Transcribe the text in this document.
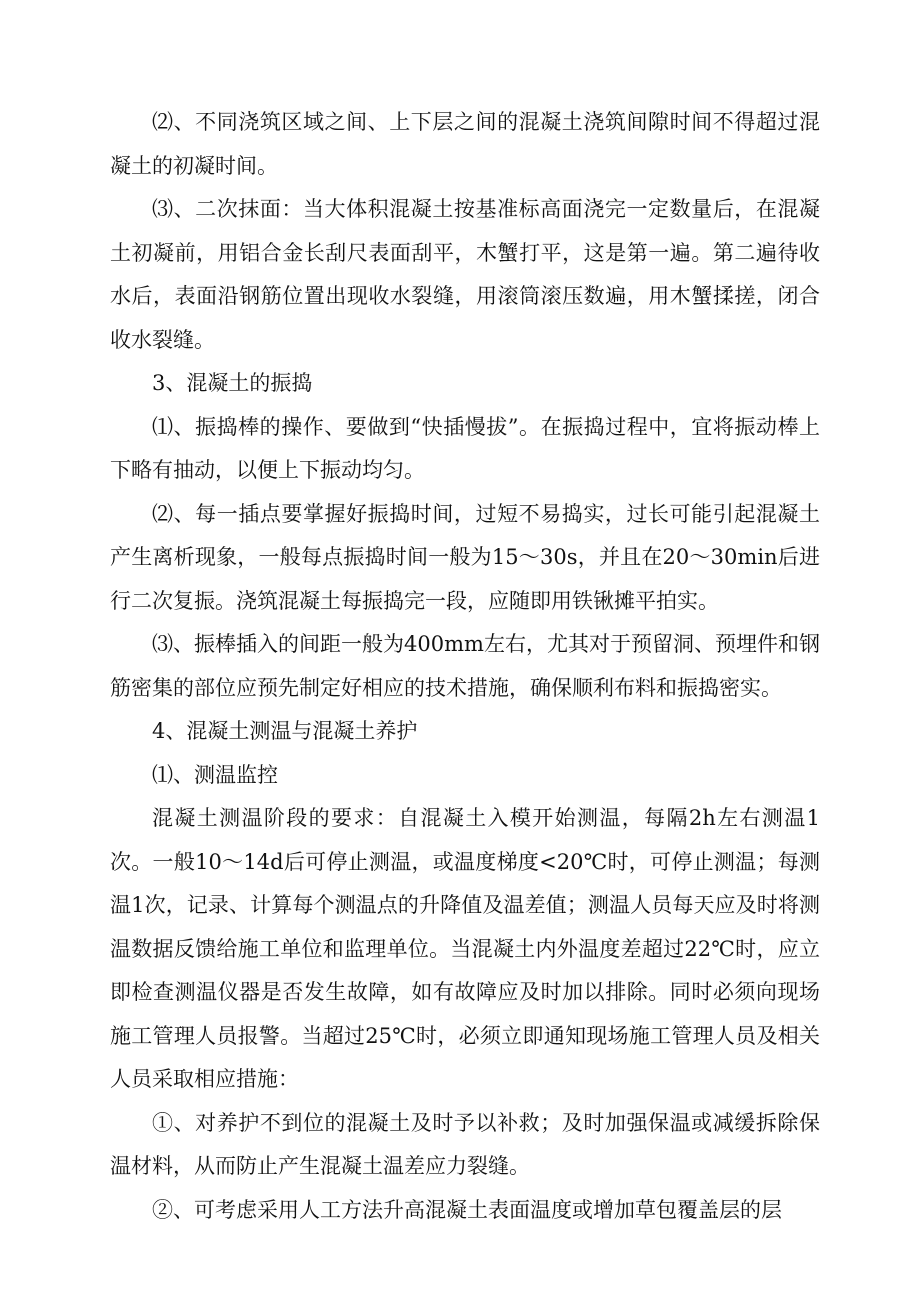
⑵、不同浇筑区域之间、上下层之间的混凝土浇筑间隙时间不得超过混凝土的初凝时间。

⑶、二次抹面：当大体积混凝土按基准标高面浇完一定数量后，在混凝土初凝前，用铝合金长刮尺表面刮平，木蟹打平，这是第一遍。第二遍待收水后，表面沿钢筋位置出现收水裂缝，用滚筒滚压数遍，用木蟹揉搓，闭合收水裂缝。

3、混凝土的振捣

⑴、振捣棒的操作、要做到“快插慢拔”。在振捣过程中，宜将振动棒上下略有抽动，以便上下振动均匀。

⑵、每一插点要掌握好振捣时间，过短不易捣实，过长可能引起混凝土产生离析现象，一般每点振捣时间一般为15～30s，并且在20～30min后进行二次复振。浇筑混凝土每振捣完一段，应随即用铁锹摊平拍实。

⑶、振棒插入的间距一般为400mm左右，尤其对于预留洞、预埋件和钢筋密集的部位应预先制定好相应的技术措施，确保顺利布料和振捣密实。

4、混凝土测温与混凝土养护

⑴、测温监控

混凝土测温阶段的要求：自混凝土入模开始测温，每隔2h左右测温1次。一般10～14d后可停止测温，或温度梯度<20℃时，可停止测温；每测温1次，记录、计算每个测温点的升降值及温差值；测温人员每天应及时将测温数据反馈给施工单位和监理单位。当混凝土内外温度差超过22℃时，应立即检查测温仪器是否发生故障，如有故障应及时加以排除。同时必须向现场施工管理人员报警。当超过25℃时，必须立即通知现场施工管理人员及相关人员采取相应措施：

①、对养护不到位的混凝土及时予以补救；及时加强保温或减缓拆除保温材料，从而防止产生混凝土温差应力裂缝。

②、可考虑采用人工方法升高混凝土表面温度或增加草包覆盖层的层
